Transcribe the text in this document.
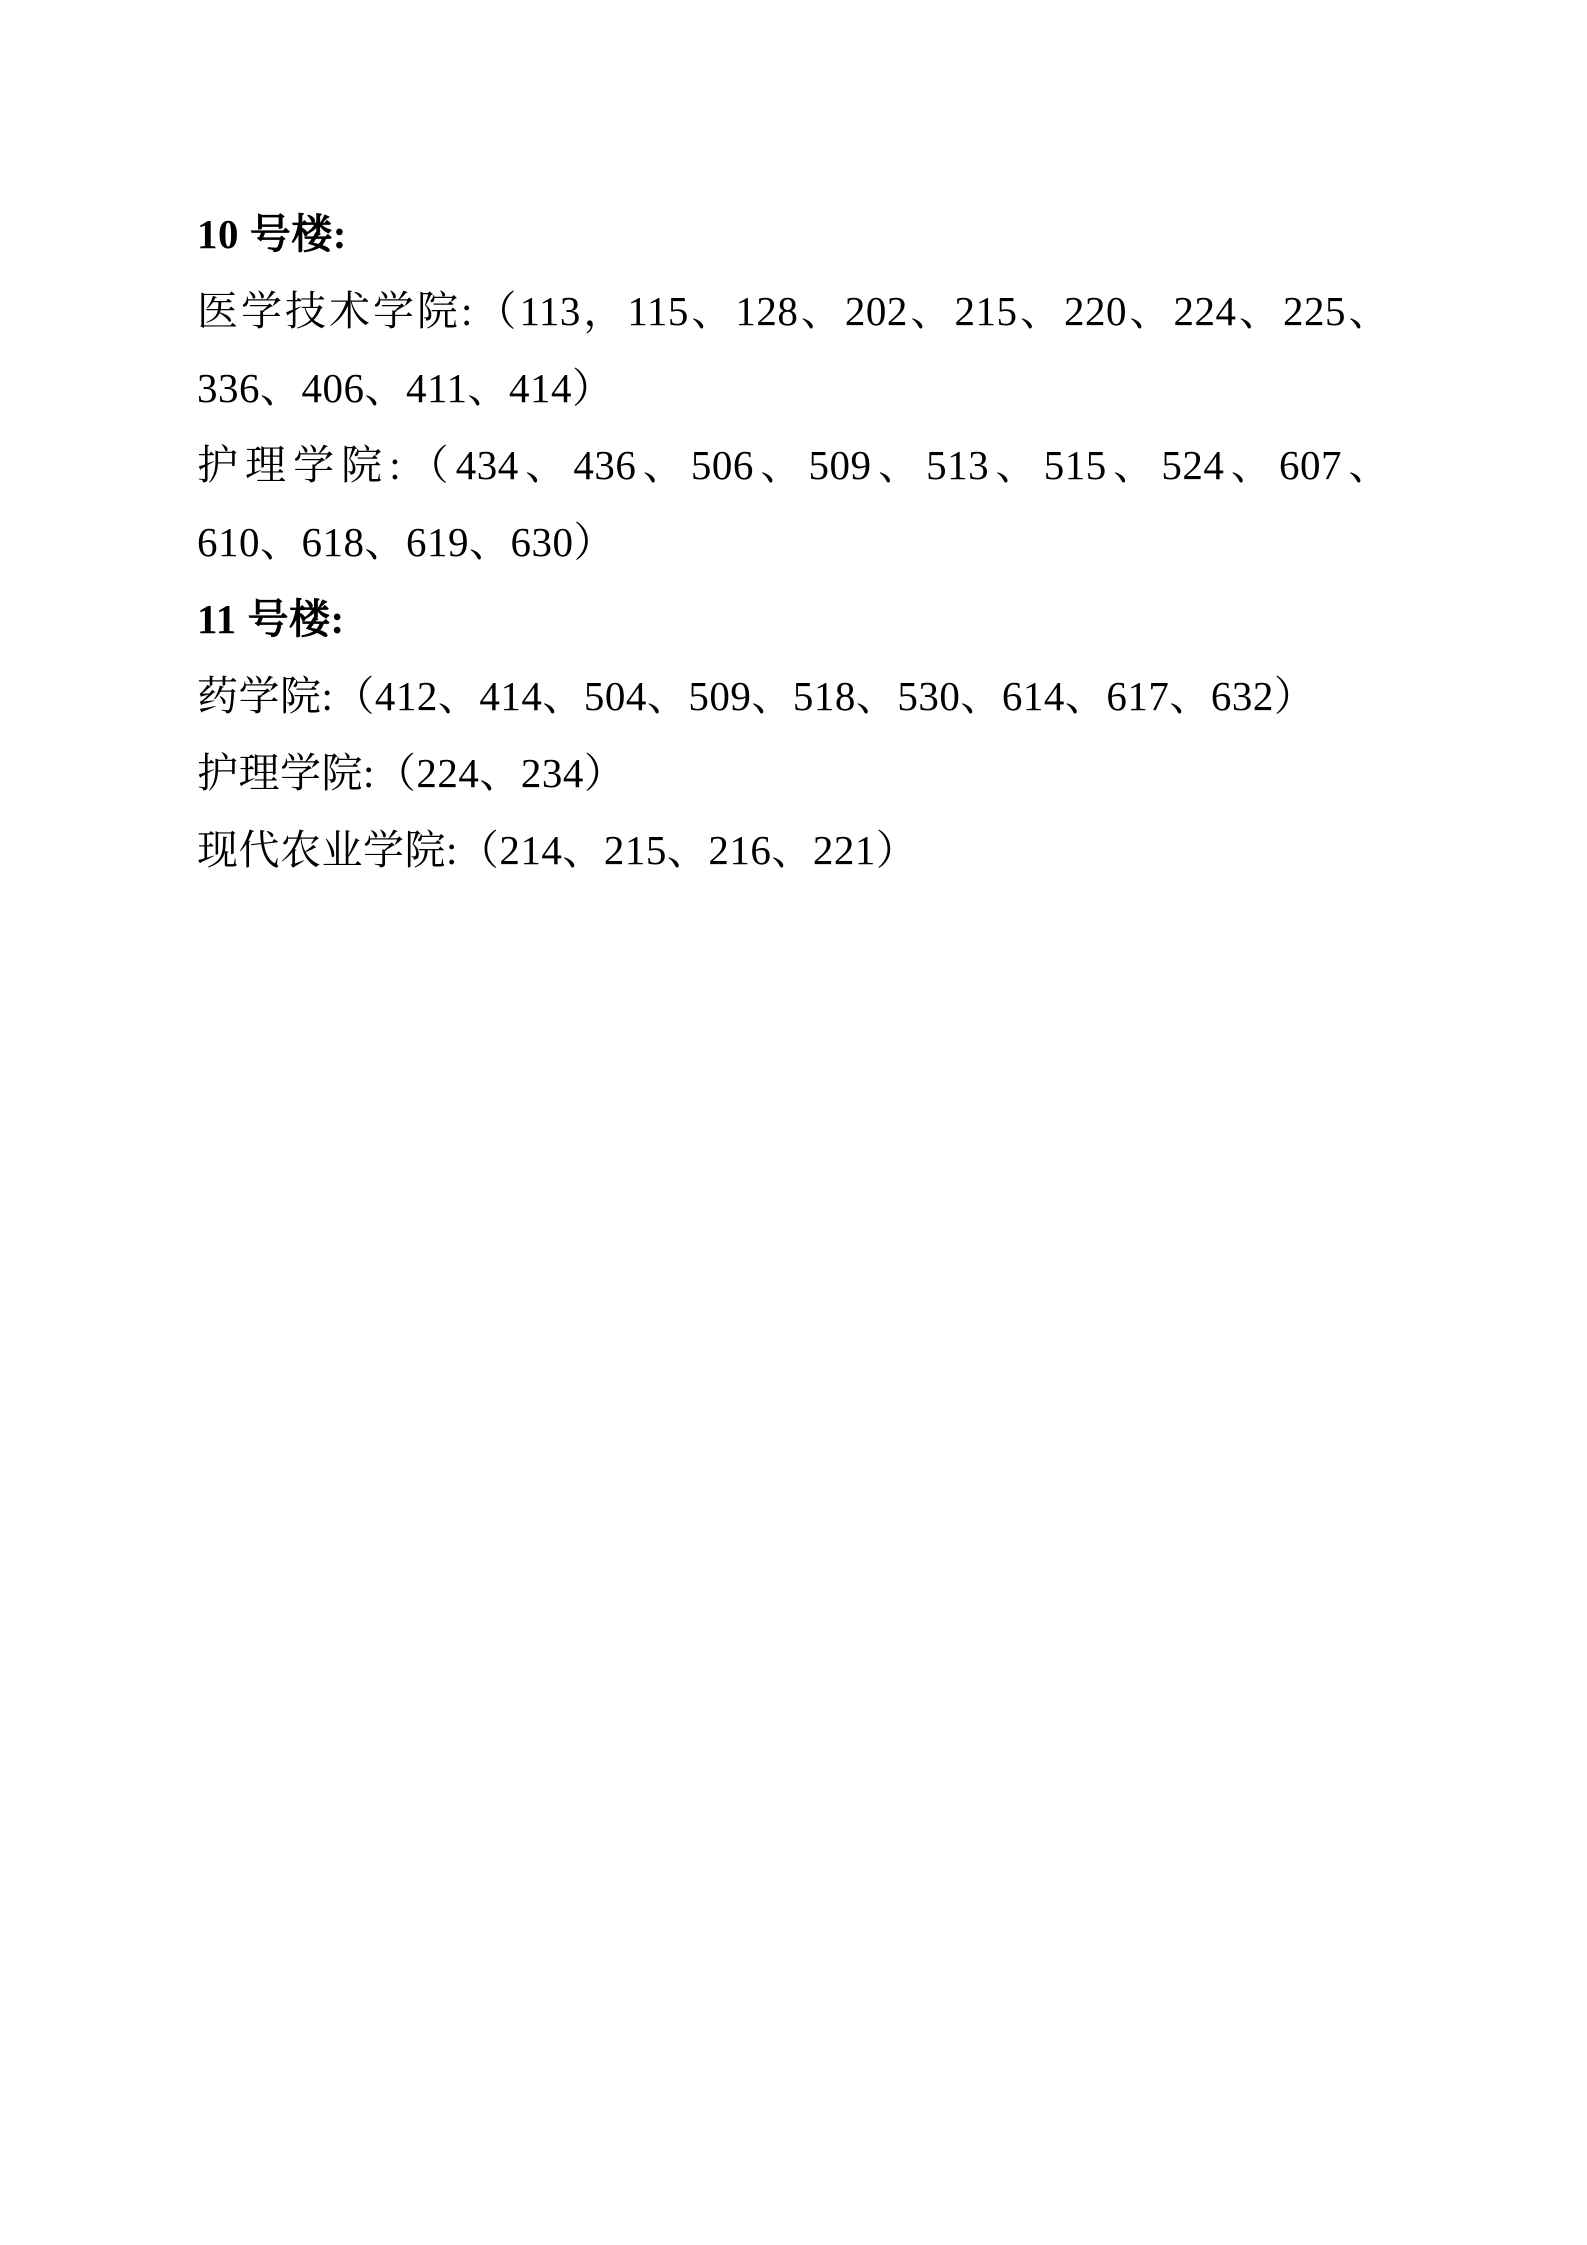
10 号楼:
医学技术学院:（113，115、128、202、215、220、224、225、
336、406、411、414）
护理学院:（434、436、506、509、513、515、524、607、
610、618、619、630）
11 号楼:
药学院:（412、414、504、509、518、530、614、617、632）
护理学院:（224、234）
现代农业学院:（214、215、216、221）
